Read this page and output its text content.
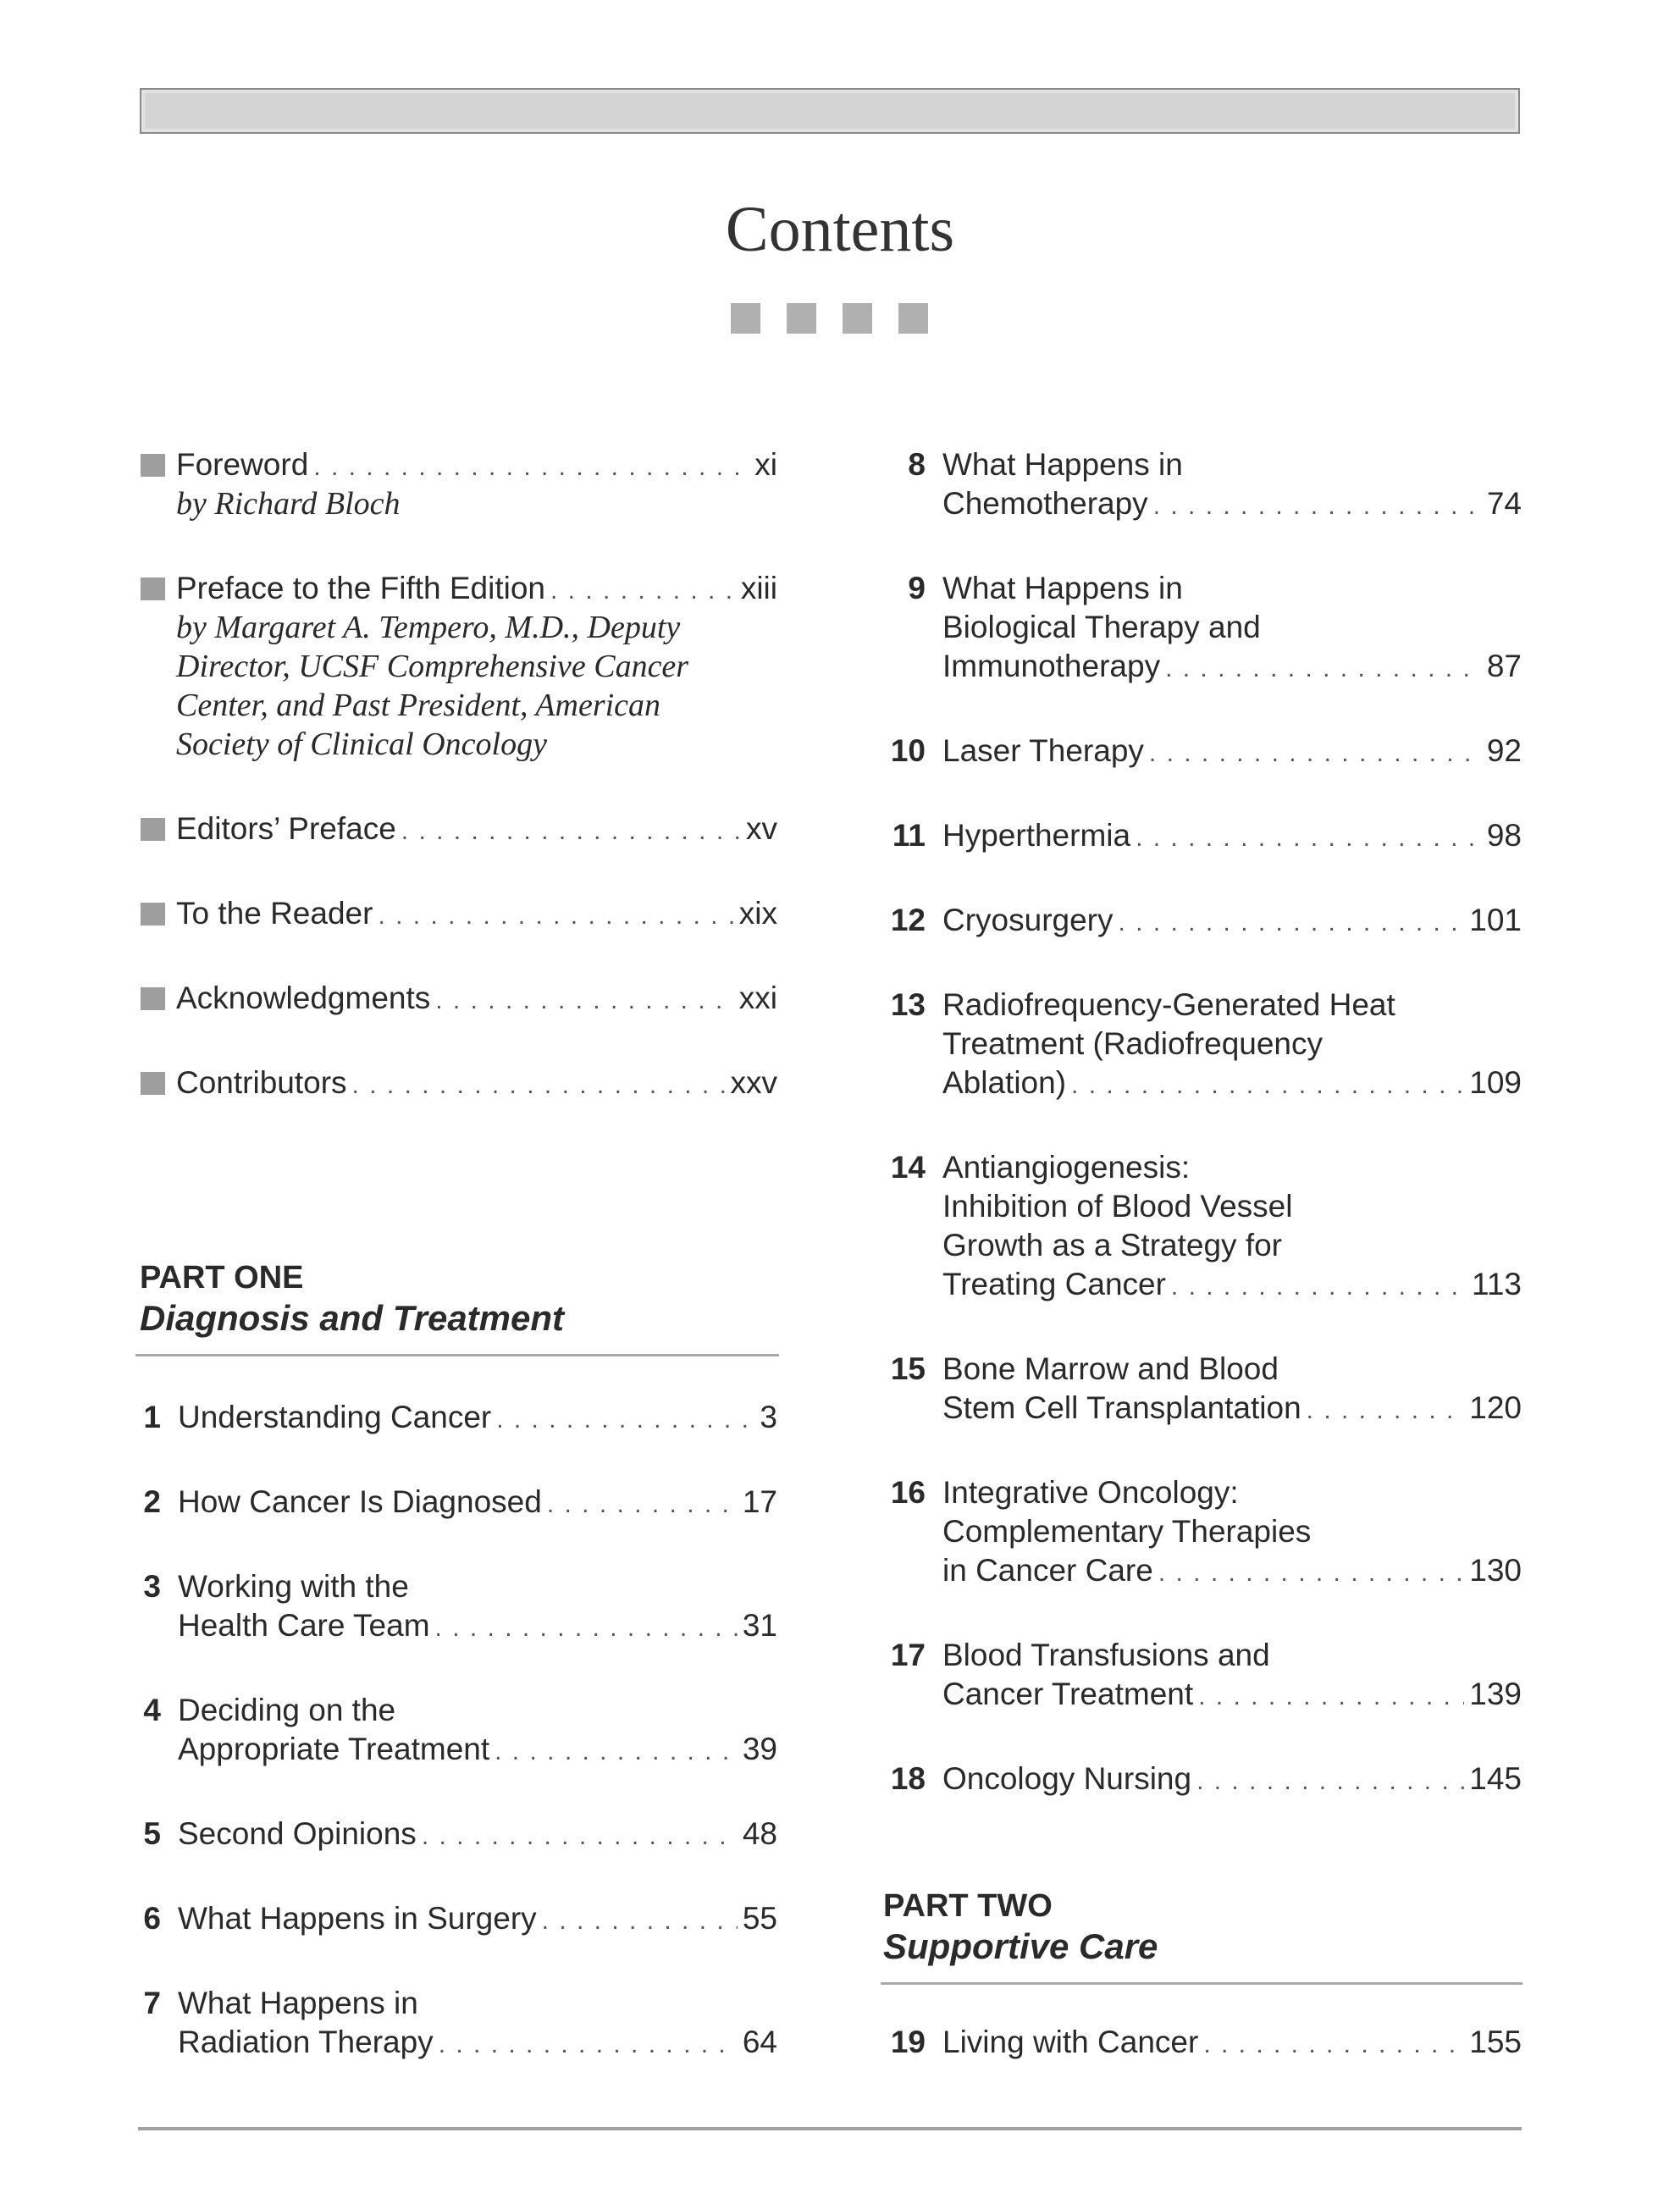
Contents
Foreword . . .	xi
by Richard Bloch
Preface to the Fifth Edition . . .	xiii
by Margaret A. Tempero, M.D., Deputy
Director, UCSF Comprehensive Cancer
Center, and Past President, American
Society of Clinical Oncology
Editors’ Preface . . .	xv
To the Reader . . .	xix
Acknowledgments . . .	xxi
Contributors . . .	xxv
PART ONE
Diagnosis and Treatment
1 Understanding Cancer . . .	3
2 How Cancer Is Diagnosed . . .	17
3 Working with the
Health Care Team . . .	31
4 Deciding on the
Appropriate Treatment . . .	39
5 Second Opinions . . .	48
6 What Happens in Surgery . . .	55
7 What Happens in
Radiation Therapy . . .	64
8 What Happens in
Chemotherapy . . .	74
9 What Happens in
Biological Therapy and
Immunotherapy . . .	87
10 Laser Therapy . . .	92
11 Hyperthermia . . .	98
12 Cryosurgery . . .	101
13 Radiofrequency-Generated Heat
Treatment (Radiofrequency
Ablation) . . .	109
14 Antiangiogenesis:
Inhibition of Blood Vessel
Growth as a Strategy for
Treating Cancer . . .	113
15 Bone Marrow and Blood
Stem Cell Transplantation . . .	120
16 Integrative Oncology:
Complementary Therapies
in Cancer Care . . .	130
17 Blood Transfusions and
Cancer Treatment . . .	139
18 Oncology Nursing . . .	145
PART TWO
Supportive Care
19 Living with Cancer . . .	155
